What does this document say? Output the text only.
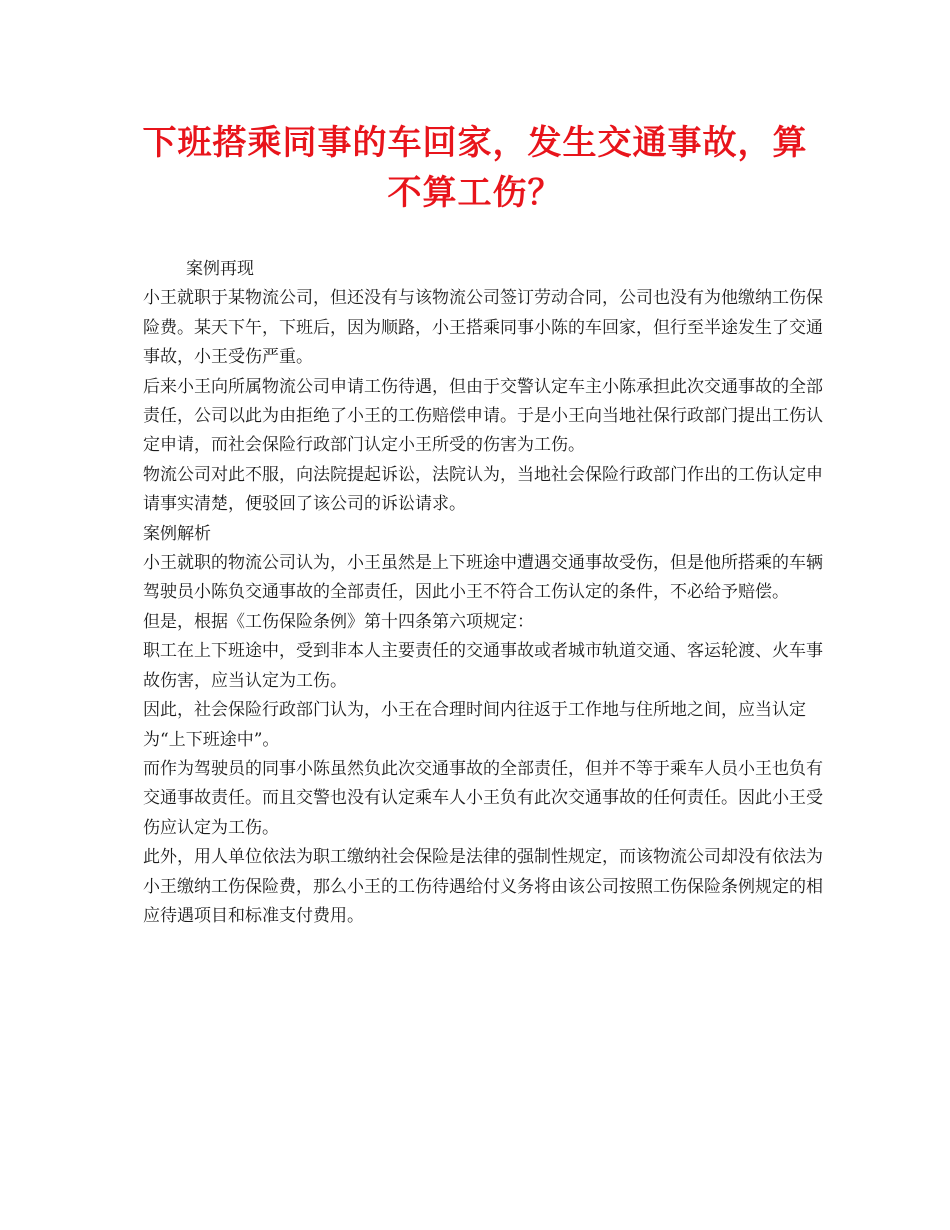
下班搭乘同事的车回家，发生交通事故，算
不算工伤？

案例再现

小王就职于某物流公司，但还没有与该物流公司签订劳动合同，公司也没有为他缴纳工伤保险费。某天下午，下班后，因为顺路，小王搭乘同事小陈的车回家，但行至半途发生了交通事故，小王受伤严重。

后来小王向所属物流公司申请工伤待遇，但由于交警认定车主小陈承担此次交通事故的全部责任，公司以此为由拒绝了小王的工伤赔偿申请。于是小王向当地社保行政部门提出工伤认定申请，而社会保险行政部门认定小王所受的伤害为工伤。

物流公司对此不服，向法院提起诉讼，法院认为，当地社会保险行政部门作出的工伤认定申请事实清楚，便驳回了该公司的诉讼请求。

案例解析

小王就职的物流公司认为，小王虽然是上下班途中遭遇交通事故受伤，但是他所搭乘的车辆驾驶员小陈负交通事故的全部责任，因此小王不符合工伤认定的条件，不必给予赔偿。

但是，根据《工伤保险条例》第十四条第六项规定：

职工在上下班途中，受到非本人主要责任的交通事故或者城市轨道交通、客运轮渡、火车事故伤害，应当认定为工伤。

因此，社会保险行政部门认为，小王在合理时间内往返于工作地与住所地之间，应当认定为“上下班途中”。

而作为驾驶员的同事小陈虽然负此次交通事故的全部责任，但并不等于乘车人员小王也负有交通事故责任。而且交警也没有认定乘车人小王负有此次交通事故的任何责任。因此小王受伤应认定为工伤。

此外，用人单位依法为职工缴纳社会保险是法律的强制性规定，而该物流公司却没有依法为小王缴纳工伤保险费，那么小王的工伤待遇给付义务将由该公司按照工伤保险条例规定的相应待遇项目和标准支付费用。
